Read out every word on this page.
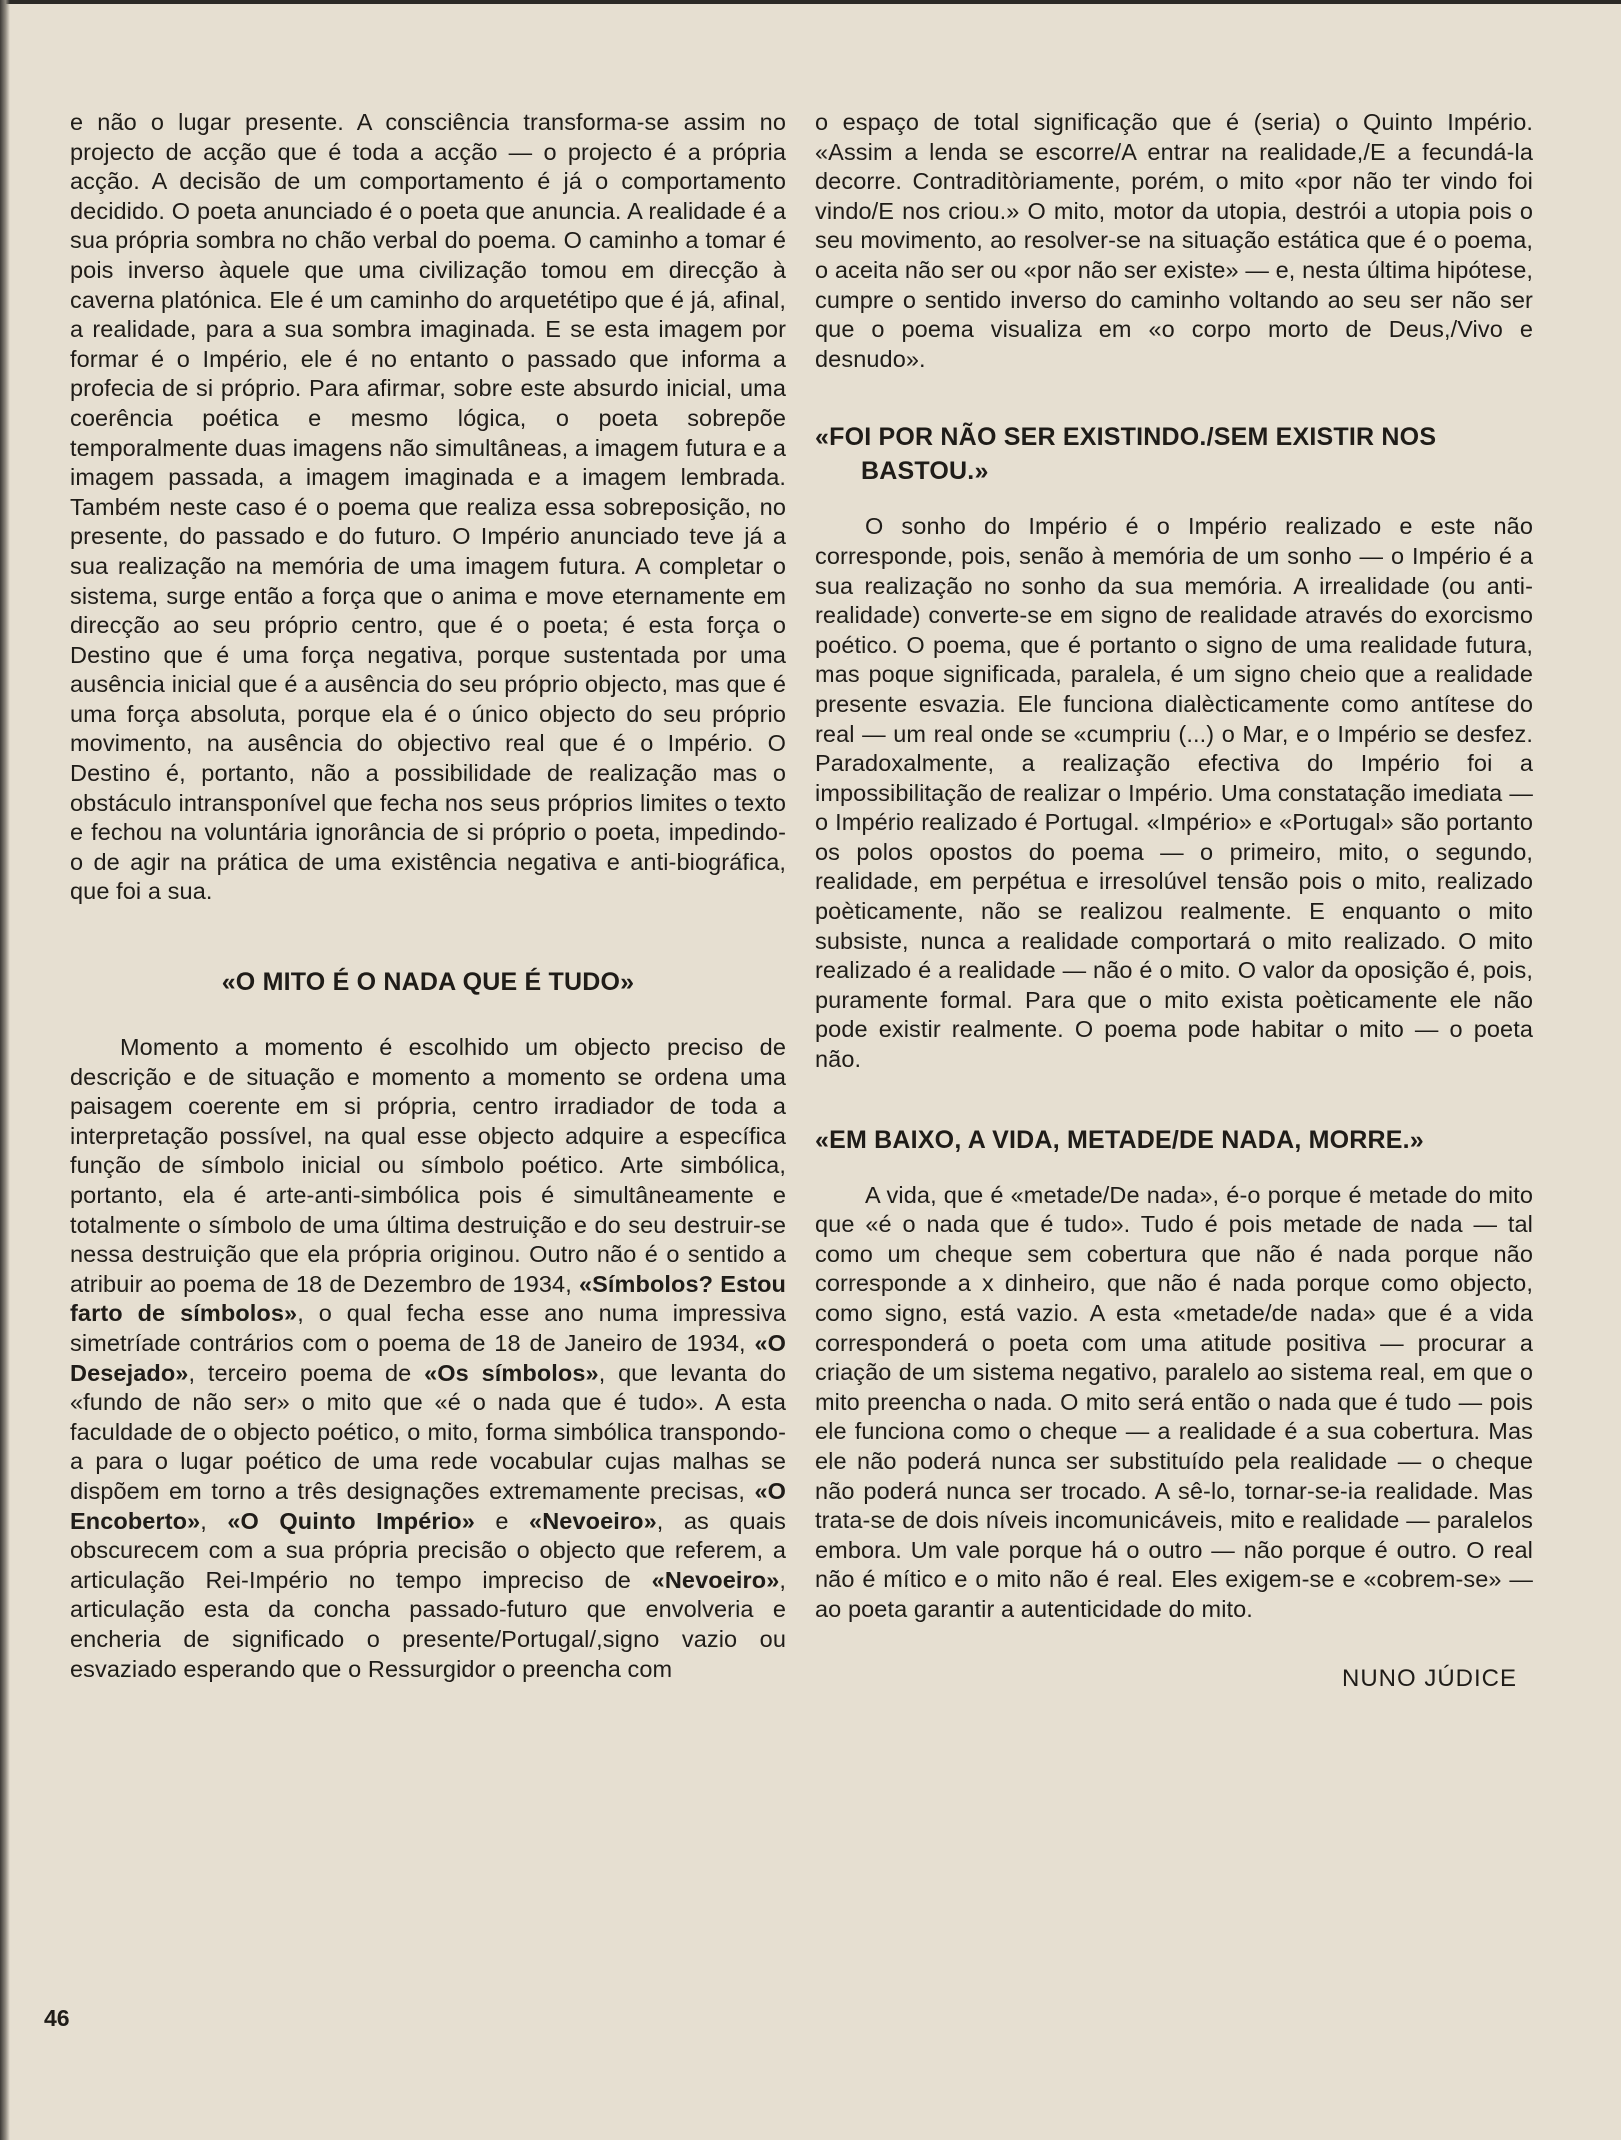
e não o lugar presente. A consciência transforma-se assim no projecto de acção que é toda a acção — o projecto é a própria acção. A decisão de um comportamento é já o comportamento decidido. O poeta anunciado é o poeta que anuncia. A realidade é a sua própria sombra no chão verbal do poema. O caminho a tomar é pois inverso àquele que uma civilização tomou em direcção à caverna platónica. Ele é um caminho do arquetétipo que é já, afinal, a realidade, para a sua sombra imaginada. E se esta imagem por formar é o Império, ele é no entanto o passado que informa a profecia de si próprio. Para afirmar, sobre este absurdo inicial, uma coerência poética e mesmo lógica, o poeta sobrepõe temporalmente duas imagens não simultâneas, a imagem futura e a imagem passada, a imagem imaginada e a imagem lembrada. Também neste caso é o poema que realiza essa sobreposição, no presente, do passado e do futuro. O Império anunciado teve já a sua realização na memória de uma imagem futura. A completar o sistema, surge então a força que o anima e move eternamente em direcção ao seu próprio centro, que é o poeta; é esta força o Destino que é uma força negativa, porque sustentada por uma ausência inicial que é a ausência do seu próprio objecto, mas que é uma força absoluta, porque ela é o único objecto do seu próprio movimento, na ausência do objectivo real que é o Império. O Destino é, portanto, não a possibilidade de realização mas o obstáculo intransponível que fecha nos seus próprios limites o texto e fechou na voluntária ignorância de si próprio o poeta, impedindo-o de agir na prática de uma existência negativa e anti-biográfica, que foi a sua.

«O MITO É O NADA QUE É TUDO»

Momento a momento é escolhido um objecto preciso de descrição e de situação e momento a momento se ordena uma paisagem coerente em si própria, centro irradiador de toda a interpretação possível, na qual esse objecto adquire a específica função de símbolo inicial ou símbolo poético. Arte simbólica, portanto, ela é arte-anti-simbólica pois é simultâneamente e totalmente o símbolo de uma última destruição e do seu destruir-se nessa destruição que ela própria originou. Outro não é o sentido a atribuir ao poema de 18 de Dezembro de 1934, «Símbolos? Estou farto de símbolos», o qual fecha esse ano numa impressiva simetríade contrários com o poema de 18 de Janeiro de 1934, «O Desejado», terceiro poema de «Os símbolos», que levanta do «fundo de não ser» o mito que «é o nada que é tudo». A esta faculdade de o objecto poético, o mito, forma simbólica transpondo-a para o lugar poético de uma rede vocabular cujas malhas se dispõem em torno a três designações extremamente precisas, «O Encoberto», «O Quinto Império» e «Nevoeiro», as quais obscurecem com a sua própria precisão o objecto que referem, a articulação Rei-Império no tempo impreciso de «Nevoeiro», articulação esta da concha passado-futuro que envolveria e encheria de significado o presente/Portugal/,signo vazio ou esvaziado esperando que o Ressurgidor o preencha com

o espaço de total significação que é (seria) o Quinto Império. «Assim a lenda se escorre/A entrar na realidade,/E a fecundá-la decorre. Contraditòriamente, porém, o mito «por não ter vindo foi vindo/E nos criou.» O mito, motor da utopia, destrói a utopia pois o seu movimento, ao resolver-se na situação estática que é o poema, o aceita não ser ou «por não ser existe» — e, nesta última hipótese, cumpre o sentido inverso do caminho voltando ao seu ser não ser que o poema visualiza em «o corpo morto de Deus,/Vivo e desnudo».

«FOI POR NÃO SER EXISTINDO./SEM EXISTIR NOS
BASTOU.»

O sonho do Império é o Império realizado e este não corresponde, pois, senão à memória de um sonho — o Império é a sua realização no sonho da sua memória. A irrealidade (ou anti-realidade) converte-se em signo de realidade através do exorcismo poético. O poema, que é portanto o signo de uma realidade futura, mas poque significada, paralela, é um signo cheio que a realidade presente esvazia. Ele funciona dialècticamente como antítese do real — um real onde se «cumpriu (...) o Mar, e o Império se desfez. Paradoxalmente, a realização efectiva do Império foi a impossibilitação de realizar o Império. Uma constatação imediata — o Império realizado é Portugal. «Império» e «Portugal» são portanto os polos opostos do poema — o primeiro, mito, o segundo, realidade, em perpétua e irresolúvel tensão pois o mito, realizado poèticamente, não se realizou realmente. E enquanto o mito subsiste, nunca a realidade comportará o mito realizado. O mito realizado é a realidade — não é o mito. O valor da oposição é, pois, puramente formal. Para que o mito exista poèticamente ele não pode existir realmente. O poema pode habitar o mito — o poeta não.

«EM BAIXO, A VIDA, METADE/DE NADA, MORRE.»

A vida, que é «metade/De nada», é-o porque é metade do mito que «é o nada que é tudo». Tudo é pois metade de nada — tal como um cheque sem cobertura que não é nada porque não corresponde a x dinheiro, que não é nada porque como objecto, como signo, está vazio. A esta «metade/de nada» que é a vida corresponderá o poeta com uma atitude positiva — procurar a criação de um sistema negativo, paralelo ao sistema real, em que o mito preencha o nada. O mito será então o nada que é tudo — pois ele funciona como o cheque — a realidade é a sua cobertura. Mas ele não poderá nunca ser substituído pela realidade — o cheque não poderá nunca ser trocado. A sê-lo, tornar-se-ia realidade. Mas trata-se de dois níveis incomunicáveis, mito e realidade — paralelos embora. Um vale porque há o outro — não porque é outro. O real não é mítico e o mito não é real. Eles exigem-se e «cobrem-se» — ao poeta garantir a autenticidade do mito.

NUNO JÚDICE
46
